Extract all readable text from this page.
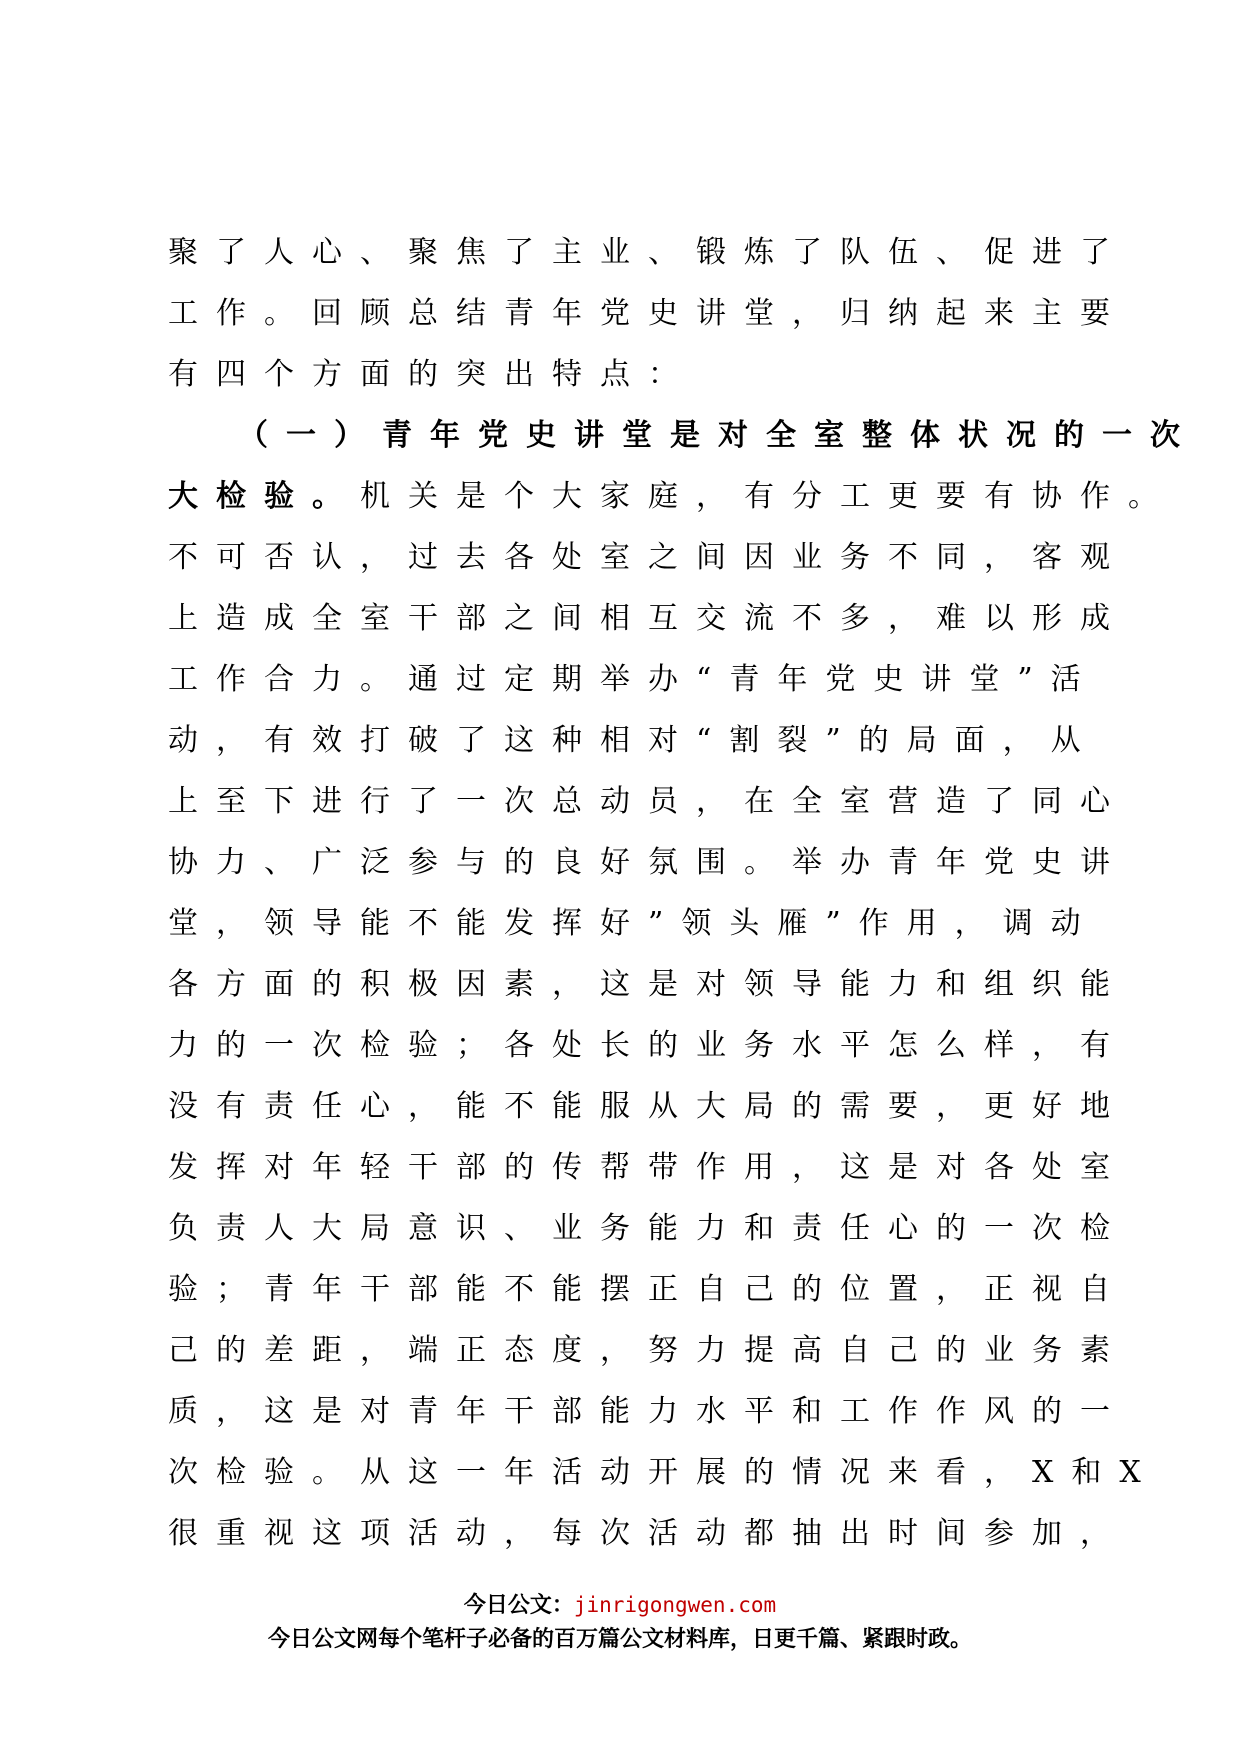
聚了人心、聚焦了主业、锻炼了队伍、促进了
工作。回顾总结青年党史讲堂，归纳起来主要
有四个方面的突出特点：
（一）青年党史讲堂是对全室整体状况的一次
大检验。机关是个大家庭，有分工更要有协作。
不可否认，过去各处室之间因业务不同，客观
上造成全室干部之间相互交流不多，难以形成
工作合力。通过定期举办“青年党史讲堂”活
动，有效打破了这种相对“割裂”的局面，从
上至下进行了一次总动员，在全室营造了同心
协力、广泛参与的良好氛围。举办青年党史讲
堂，领导能不能发挥好”领头雁”作用，调动
各方面的积极因素，这是对领导能力和组织能
力的一次检验；各处长的业务水平怎么样，有
没有责任心，能不能服从大局的需要，更好地
发挥对年轻干部的传帮带作用，这是对各处室
负责人大局意识、业务能力和责任心的一次检
验；青年干部能不能摆正自己的位置，正视自
己的差距，端正态度，努力提高自己的业务素
质，这是对青年干部能力水平和工作作风的一
次检验。从这一年活动开展的情况来看，X和X
很重视这项活动，每次活动都抽出时间参加，
今日公文：jinrigongwen.com
今日公文网每个笔杆子必备的百万篇公文材料库，日更千篇、紧跟时政。
